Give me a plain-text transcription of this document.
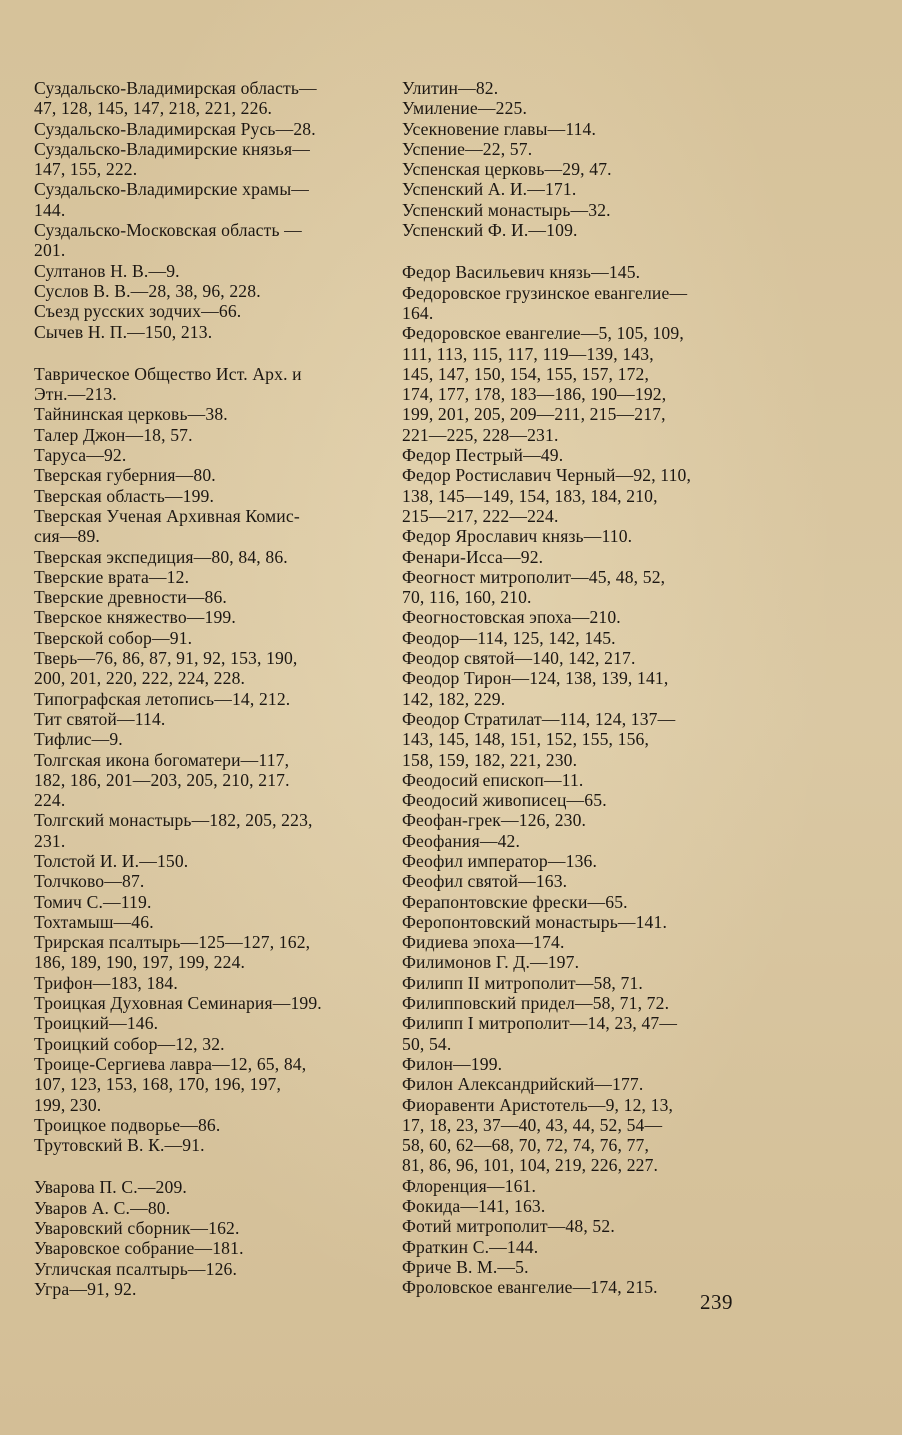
Суздальско-Владимирская область—
47, 128, 145, 147, 218, 221, 226.
Суздальско-Владимирская Русь—28.
Суздальско-Владимирские князья—
147, 155, 222.
Суздальско-Владимирские храмы—
144.
Суздальско-Московская область —
201.
Султанов Н. В.—9.
Суслов В. В.—28, 38, 96, 228.
Съезд русских зодчих—66.
Сычев Н. П.—150, 213.
Таврическое Общество Ист. Арх. и
Этн.—213.
Тайнинская церковь—38.
Талер Джон—18, 57.
Таруса—92.
Тверская губерния—80.
Тверская область—199.
Тверская Ученая Архивная Комис-
сия—89.
Тверская экспедиция—80, 84, 86.
Тверские врата—12.
Тверские древности—86.
Тверское княжество—199.
Тверской собор—91.
Тверь—76, 86, 87, 91, 92, 153, 190,
200, 201, 220, 222, 224, 228.
Типографская летопись—14, 212.
Тит святой—114.
Тифлис—9.
Толгская икона богоматери—117,
182, 186, 201—203, 205, 210, 217.
224.
Толгский монастырь—182, 205, 223,
231.
Толстой И. И.—150.
Толчково—87.
Томич С.—119.
Тохтамыш—46.
Трирская псалтырь—125—127, 162,
186, 189, 190, 197, 199, 224.
Трифон—183, 184.
Троицкая Духовная Семинария—199.
Троицкий—146.
Троицкий собор—12, 32.
Троице-Сергиева лавра—12, 65, 84,
107, 123, 153, 168, 170, 196, 197,
199, 230.
Троицкое подворье—86.
Трутовский В. К.—91.
Уварова П. С.—209.
Уваров А. С.—80.
Уваровский сборник—162.
Уваровское собрание—181.
Угличская псалтырь—126.
Угра—91, 92.
Улитин—82.
Умиление—225.
Усекновение главы—114.
Успение—22, 57.
Успенская церковь—29, 47.
Успенский А. И.—171.
Успенский монастырь—32.
Успенский Ф. И.—109.
Федор Васильевич князь—145.
Федоровское грузинское евангелие—
164.
Федоровское евангелие—5, 105, 109,
111, 113, 115, 117, 119—139, 143,
145, 147, 150, 154, 155, 157, 172,
174, 177, 178, 183—186, 190—192,
199, 201, 205, 209—211, 215—217,
221—225, 228—231.
Федор Пестрый—49.
Федор Ростиславич Черный—92, 110,
138, 145—149, 154, 183, 184, 210,
215—217, 222—224.
Федор Ярославич князь—110.
Фенари-Исса—92.
Феогност митрополит—45, 48, 52,
70, 116, 160, 210.
Феогностовская эпоха—210.
Феодор—114, 125, 142, 145.
Феодор святой—140, 142, 217.
Феодор Тирон—124, 138, 139, 141,
142, 182, 229.
Феодор Стратилат—114, 124, 137—
143, 145, 148, 151, 152, 155, 156,
158, 159, 182, 221, 230.
Феодосий епископ—11.
Феодосий живописец—65.
Феофан-грек—126, 230.
Феофания—42.
Феофил император—136.
Феофил святой—163.
Ферапонтовские фрески—65.
Феропонтовский монастырь—141.
Фидиева эпоха—174.
Филимонов Г. Д.—197.
Филипп II митрополит—58, 71.
Филипповский придел—58, 71, 72.
Филипп I митрополит—14, 23, 47—
50, 54.
Филон—199.
Филон Александрийский—177.
Фиоравенти Аристотель—9, 12, 13,
17, 18, 23, 37—40, 43, 44, 52, 54—
58, 60, 62—68, 70, 72, 74, 76, 77,
81, 86, 96, 101, 104, 219, 226, 227.
Флоренция—161.
Фокида—141, 163.
Фотий митрополит—48, 52.
Фраткин С.—144.
Фриче В. М.—5.
Фроловское евангелие—174, 215.
239
